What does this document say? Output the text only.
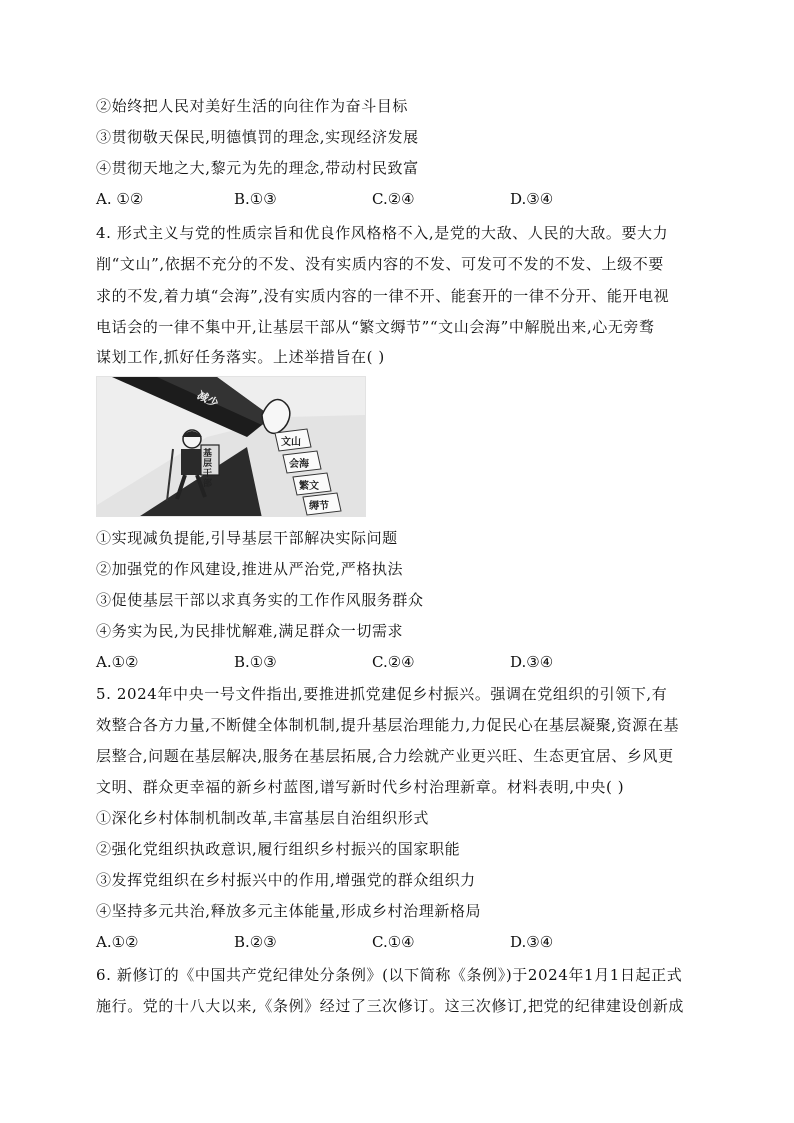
②始终把人民对美好生活的向往作为奋斗目标
③贯彻敬天保民,明德慎罚的理念,实现经济发展
④贯彻天地之大,黎元为先的理念,带动村民致富
A. ①②	B.①③	C.②④	D.③④
4. 形式主义与党的性质宗旨和优良作风格格不入,是党的大敌、人民的大敌。要大力
削“文山”,依据不充分的不发、没有实质内容的不发、可发可不发的不发、上级不要
求的不发,着力填“会海”,没有实质内容的一律不开、能套开的一律不分开、能开电视
电话会的一律不集中开,让基层干部从“繁文缛节”“文山会海”中解脱出来,心无旁骛
谋划工作,抓好任务落实。上述举措旨在( )
减少
基层干部
文山
会海
繁文
缛节
①实现减负提能,引导基层干部解决实际问题
②加强党的作风建设,推进从严治党,严格执法
③促使基层干部以求真务实的工作作风服务群众
④务实为民,为民排忧解难,满足群众一切需求
A.①②	B.①③	C.②④	D.③④
5. 2024年中央一号文件指出,要推进抓党建促乡村振兴。强调在党组织的引领下,有
效整合各方力量,不断健全体制机制,提升基层治理能力,力促民心在基层凝聚,资源在基
层整合,问题在基层解决,服务在基层拓展,合力绘就产业更兴旺、生态更宜居、乡风更
文明、群众更幸福的新乡村蓝图,谱写新时代乡村治理新章。材料表明,中央( )
①深化乡村体制机制改革,丰富基层自治组织形式
②强化党组织执政意识,履行组织乡村振兴的国家职能
③发挥党组织在乡村振兴中的作用,增强党的群众组织力
④坚持多元共治,释放多元主体能量,形成乡村治理新格局
A.①②	B.②③	C.①④	D.③④
6. 新修订的《中国共产党纪律处分条例》(以下简称《条例》)于2024年1月1日起正式
施行。党的十八大以来,《条例》经过了三次修订。这三次修订,把党的纪律建设创新成
